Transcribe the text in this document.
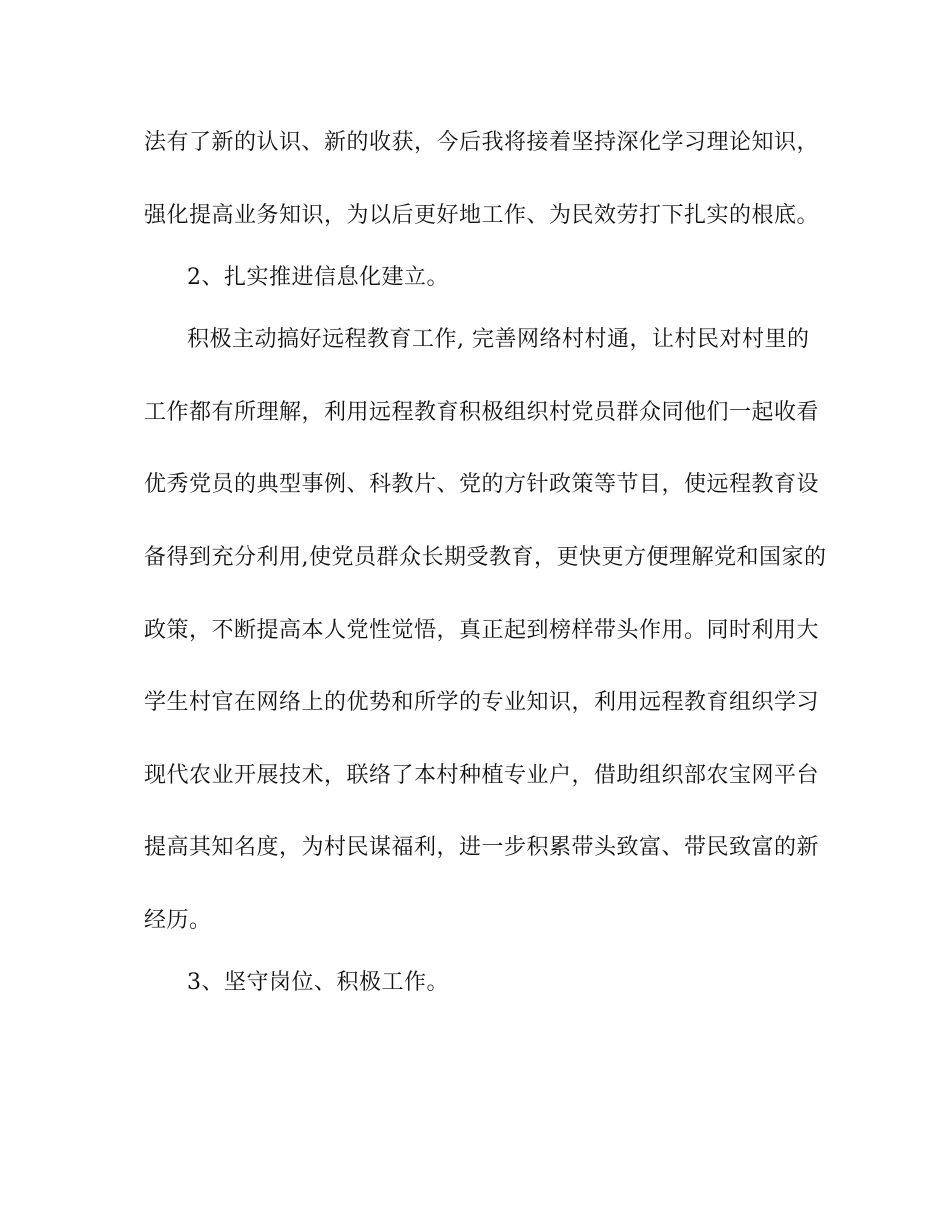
法有了新的认识、新的收获，今后我将接着坚持深化学习理论知识，
强化提高业务知识，为以后更好地工作、为民效劳打下扎实的根底。
2、扎实推进信息化建立。
积极主动搞好远程教育工作, 完善网络村村通，让村民对村里的
工作都有所理解，利用远程教育积极组织村党员群众同他们一起收看
优秀党员的典型事例、科教片、党的方针政策等节目，使远程教育设
备得到充分利用,使党员群众长期受教育，更快更方便理解党和国家的
政策，不断提高本人党性觉悟，真正起到榜样带头作用。同时利用大
学生村官在网络上的优势和所学的专业知识，利用远程教育组织学习
现代农业开展技术，联络了本村种植专业户，借助组织部农宝网平台
提高其知名度，为村民谋福利，进一步积累带头致富、带民致富的新
经历。
3、坚守岗位、积极工作。
